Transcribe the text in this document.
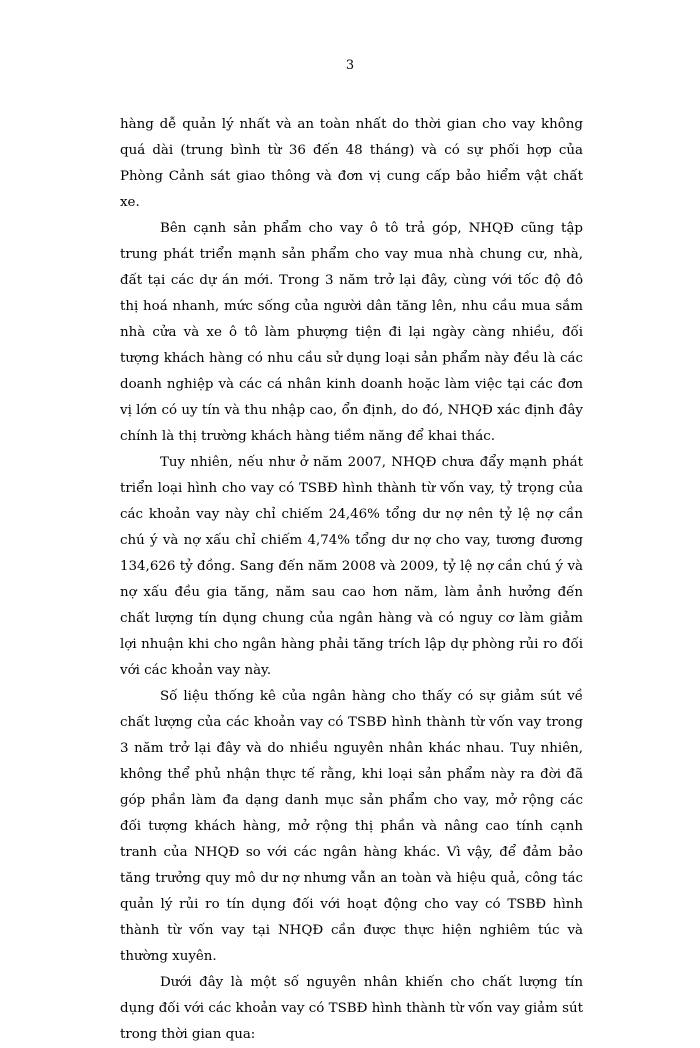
3

hàng dễ quản lý nhất và an toàn nhất do thời gian cho vay không quá dài (trung bình từ 36 đến 48 tháng) và có sự phối hợp của Phòng Cảnh sát giao thông và đơn vị cung cấp bảo hiểm vật chất xe.

Bên cạnh sản phẩm cho vay ô tô trả góp, NHQĐ cũng tập trung phát triển mạnh sản phẩm cho vay mua nhà chung cư, nhà, đất tại các dự án mới. Trong 3 năm trở lại đây, cùng với tốc độ đô thị hoá nhanh, mức sống của người dân tăng lên, nhu cầu mua sắm nhà cửa và xe ô tô làm phượng tiện đi lại ngày càng nhiều, đối tượng khách hàng có nhu cầu sử dụng loại sản phẩm này đều là các doanh nghiệp và các cá nhân kinh doanh hoặc làm việc tại các đơn vị lớn có uy tín và thu nhập cao, ổn định, do đó, NHQĐ xác định đây chính là thị trường khách hàng tiềm năng để khai thác.

Tuy nhiên, nếu như ở năm 2007, NHQĐ chưa đẩy mạnh phát triển loại hình cho vay có TSBĐ hình thành từ vốn vay, tỷ trọng của các khoản vay này chỉ chiếm 24,46% tổng dư nợ nên tỷ lệ nợ cần chú ý và nợ xấu chỉ chiếm 4,74% tổng dư nợ cho vay, tương đương 134,626 tỷ đồng. Sang đến năm 2008 và 2009, tỷ lệ nợ cần chú ý và nợ xấu đều gia tăng, năm sau cao hơn năm, làm ảnh hưởng đến chất lượng tín dụng chung của ngân hàng và có nguy cơ làm giảm lợi nhuận khi cho ngân hàng phải tăng trích lập dự phòng rủi ro đối với các khoản vay này.

Số liệu thống kê của ngân hàng cho thấy có sự giảm sút về chất lượng của các khoản vay có TSBĐ hình thành từ vốn vay trong 3 năm trở lại đây và do nhiều nguyên nhân khác nhau. Tuy nhiên, không thể phủ nhận thực tế rằng, khi loại sản phẩm này ra đời đã góp phần làm đa dạng danh mục sản phẩm cho vay, mở rộng các đối tượng khách hàng, mở rộng thị phần và nâng cao tính cạnh tranh của NHQĐ so với các ngân hàng khác. Vì vậy, để đảm bảo tăng trưởng quy mô dư nợ nhưng vẫn an toàn và hiệu quả, công tác quản lý rủi ro tín dụng đối với hoạt động cho vay có TSBĐ hình thành từ vốn vay tại NHQĐ cần được thực hiện nghiêm túc và thường xuyên.

Dưới đây là một số nguyên nhân khiến cho chất lượng tín dụng đối với các khoản vay có TSBĐ hình thành từ vốn vay giảm sút trong thời gian qua:
